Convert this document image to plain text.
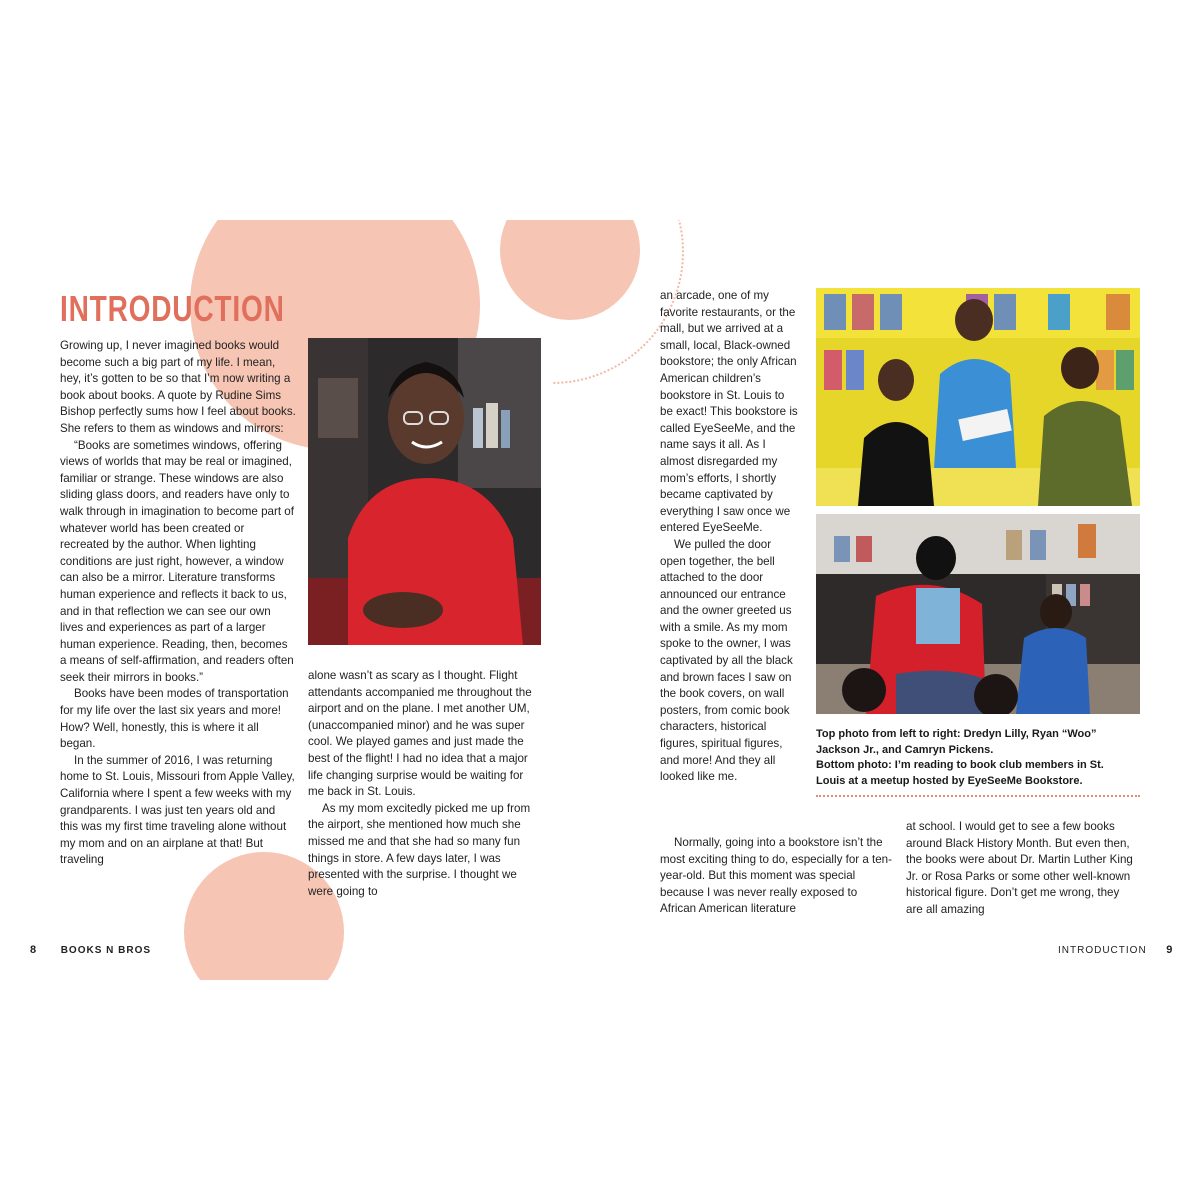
INTRODUCTION

Growing up, I never imagined books would become such a big part of my life. I mean, hey, it’s gotten to be so that I’m now writing a book about books. A quote by Rudine Sims Bishop perfectly sums how I feel about books. She refers to them as windows and mirrors:

“Books are sometimes windows, offering views of worlds that may be real or imagined, familiar or strange. These windows are also sliding glass doors, and readers have only to walk through in imagination to become part of whatever world has been created or recreated by the author. When lighting conditions are just right, however, a window can also be a mirror. Literature transforms human experience and reflects it back to us, and in that reflection we can see our own lives and experiences as part of a larger human experience. Reading, then, becomes a means of self-affirmation, and readers often seek their mirrors in books.”

Books have been modes of transportation for my life over the last six years and more! How? Well, honestly, this is where it all began.

In the summer of 2016, I was returning home to St. Louis, Missouri from Apple Valley, California where I spent a few weeks with my grandparents. I was just ten years old and this was my first time traveling alone without my mom and on an airplane at that! But traveling

alone wasn’t as scary as I thought. Flight attendants accompanied me throughout the airport and on the plane. I met another UM, (unaccompanied minor) and he was super cool. We played games and just made the best of the flight! I had no idea that a major life changing surprise would be waiting for me back in St. Louis.

As my mom excitedly picked me up from the airport, she mentioned how much she missed me and that she had so many fun things in store. A few days later, I was presented with the surprise. I thought we were going to

8 BOOKS N BROS

an arcade, one of my favorite restaurants, or the mall, but we arrived at a small, local, Black-owned bookstore; the only African American children’s bookstore in St. Louis to be exact! This bookstore is called EyeSeeMe, and the name says it all. As I almost disregarded my mom’s efforts, I shortly became captivated by everything I saw once we entered EyeSeeMe.

We pulled the door open together, the bell attached to the door announced our entrance and the owner greeted us with a smile. As my mom spoke to the owner, I was captivated by all the black and brown faces I saw on the book covers, on wall posters, from comic book characters, historical figures, spiritual figures, and more! And they all looked like me.

Top photo from left to right: Dredyn Lilly, Ryan “Woo” Jackson Jr., and Camryn Pickens.
Bottom photo: I’m reading to book club members in St. Louis at a meetup hosted by EyeSeeMe Bookstore.

Normally, going into a bookstore isn’t the most exciting thing to do, especially for a ten-year-old. But this moment was special because I was never really exposed to African American literature

at school. I would get to see a few books around Black History Month. But even then, the books were about Dr. Martin Luther King Jr. or Rosa Parks or some other well-known historical figure. Don’t get me wrong, they are all amazing

INTRODUCTION 9
